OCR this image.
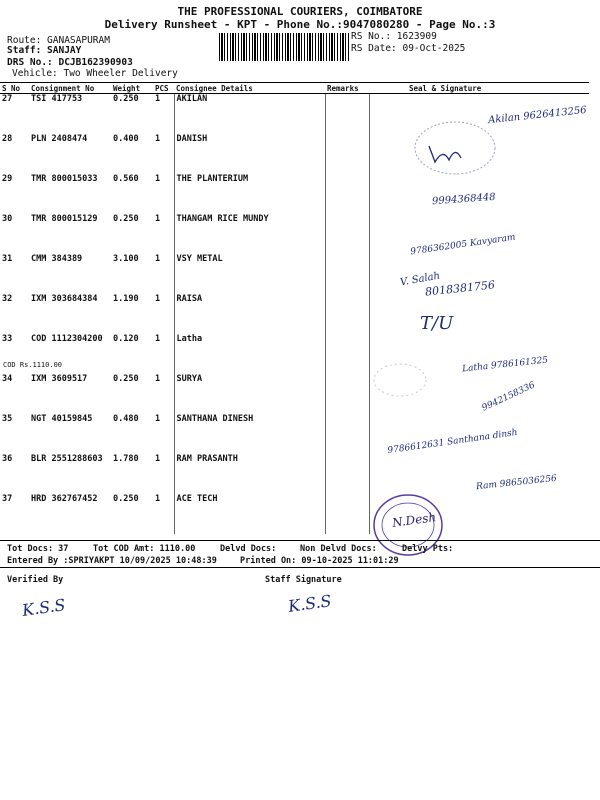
THE PROFESSIONAL COURIERS, COIMBATORE
Delivery Runsheet - KPT - Phone No.:9047080280 - Page No.:3
Route: GANASAPURAM
Staff: SANJAY
DRS No.: DCJB162390903
Vehicle: Two Wheeler Delivery
RS No.: 1623909
RS Date: 09-Oct-2025
S No	Consignment No	Weight	PCS	Consignee Details	Remarks	Seal & Signature
27	TSI 417753	0.250	1	AKILAN		
28	PLN 2408474	0.400	1	DANISH		
29	TMR 800015033	0.560	1	THE PLANTERIUM		
30	TMR 800015129	0.250	1	THANGAM RICE MUNDY		
31	CMM 384389	3.100	1	VSY METAL		
32	IXM 303684384	1.190	1	RAISA		
33	COD 1112304200	0.120	1	Latha		
34	IXM 3609517	0.250	1	SURYA		
35	NGT 40159845	0.480	1	SANTHANA DINESH		
36	BLR 2551288603	1.780	1	RAM PRASANTH		
37	HRD 362767452	0.250	1	ACE TECH		
COD Rs.1110.00
Akilan 9626413256
9994368448
9786362005 Kavyaram
V. Salah
8018381756
T/U
Latha 9786161325
9942158336
9786612631 Santhana dinsh
Ram 9865036256
N.Desh
Tot Docs: 37	Tot COD Amt: 1110.00	Delvd Docs:	Non Delvd Docs:	Delvy Pts:
Entered By :SPRIYAKPT 10/09/2025 10:48:39	Printed On: 09-10-2025 11:01:29
Verified By	Staff Signature
K.S.S	K.S.S
